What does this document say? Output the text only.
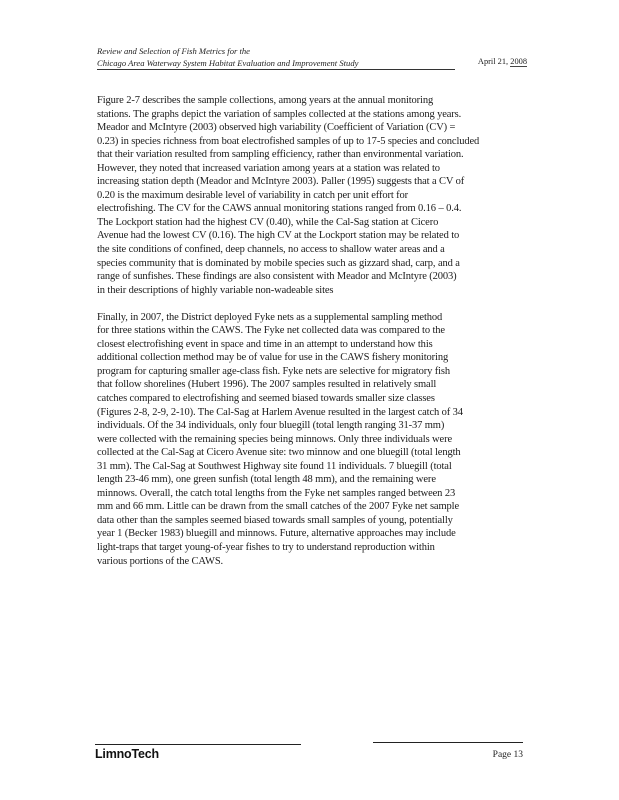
Review and Selection of Fish Metrics for the
Chicago Area Waterway System Habitat Evaluation and Improvement Study	April 21, 2008
Figure 2-7 describes the sample collections, among years at the annual monitoring
stations. The graphs depict the variation of samples collected at the stations among years.
Meador and McIntyre (2003) observed high variability (Coefficient of Variation (CV) =
0.23) in species richness from boat electrofished samples of up to 17-5 species and concluded
that their variation resulted from sampling efficiency, rather than environmental variation.
However, they noted that increased variation among years at a station was related to
increasing station depth (Meador and McIntyre 2003). Paller (1995) suggests that a CV of
0.20 is the maximum desirable level of variability in catch per unit effort for
electrofishing. The CV for the CAWS annual monitoring stations ranged from 0.16 – 0.4.
The Lockport station had the highest CV (0.40), while the Cal-Sag station at Cicero
Avenue had the lowest CV (0.16). The high CV at the Lockport station may be related to
the site conditions of confined, deep channels, no access to shallow water areas and a
species community that is dominated by mobile species such as gizzard shad, carp, and a
range of sunfishes. These findings are also consistent with Meador and McIntyre (2003)
in their descriptions of highly variable non-wadeable sites
Finally, in 2007, the District deployed Fyke nets as a supplemental sampling method
for three stations within the CAWS. The Fyke net collected data was compared to the
closest electrofishing event in space and time in an attempt to understand how this
additional collection method may be of value for use in the CAWS fishery monitoring
program for capturing smaller age-class fish. Fyke nets are selective for migratory fish
that follow shorelines (Hubert 1996). The 2007 samples resulted in relatively small
catches compared to electrofishing and seemed biased towards smaller size classes
(Figures 2-8, 2-9, 2-10). The Cal-Sag at Harlem Avenue resulted in the largest catch of 34
individuals. Of the 34 individuals, only four bluegill (total length ranging 31-37 mm)
were collected with the remaining species being minnows. Only three individuals were
collected at the Cal-Sag at Cicero Avenue site: two minnow and one bluegill (total length
31 mm). The Cal-Sag at Southwest Highway site found 11 individuals. 7 bluegill (total
length 23-46 mm), one green sunfish (total length 48 mm), and the remaining were
minnows. Overall, the catch total lengths from the Fyke net samples ranged between 23
mm and 66 mm. Little can be drawn from the small catches of the 2007 Fyke net sample
data other than the samples seemed biased towards small samples of young, potentially
year 1 (Becker 1983) bluegill and minnows. Future, alternative approaches may include
light-traps that target young-of-year fishes to try to understand reproduction within
various portions of the CAWS.
LimnoTech	Page 13
